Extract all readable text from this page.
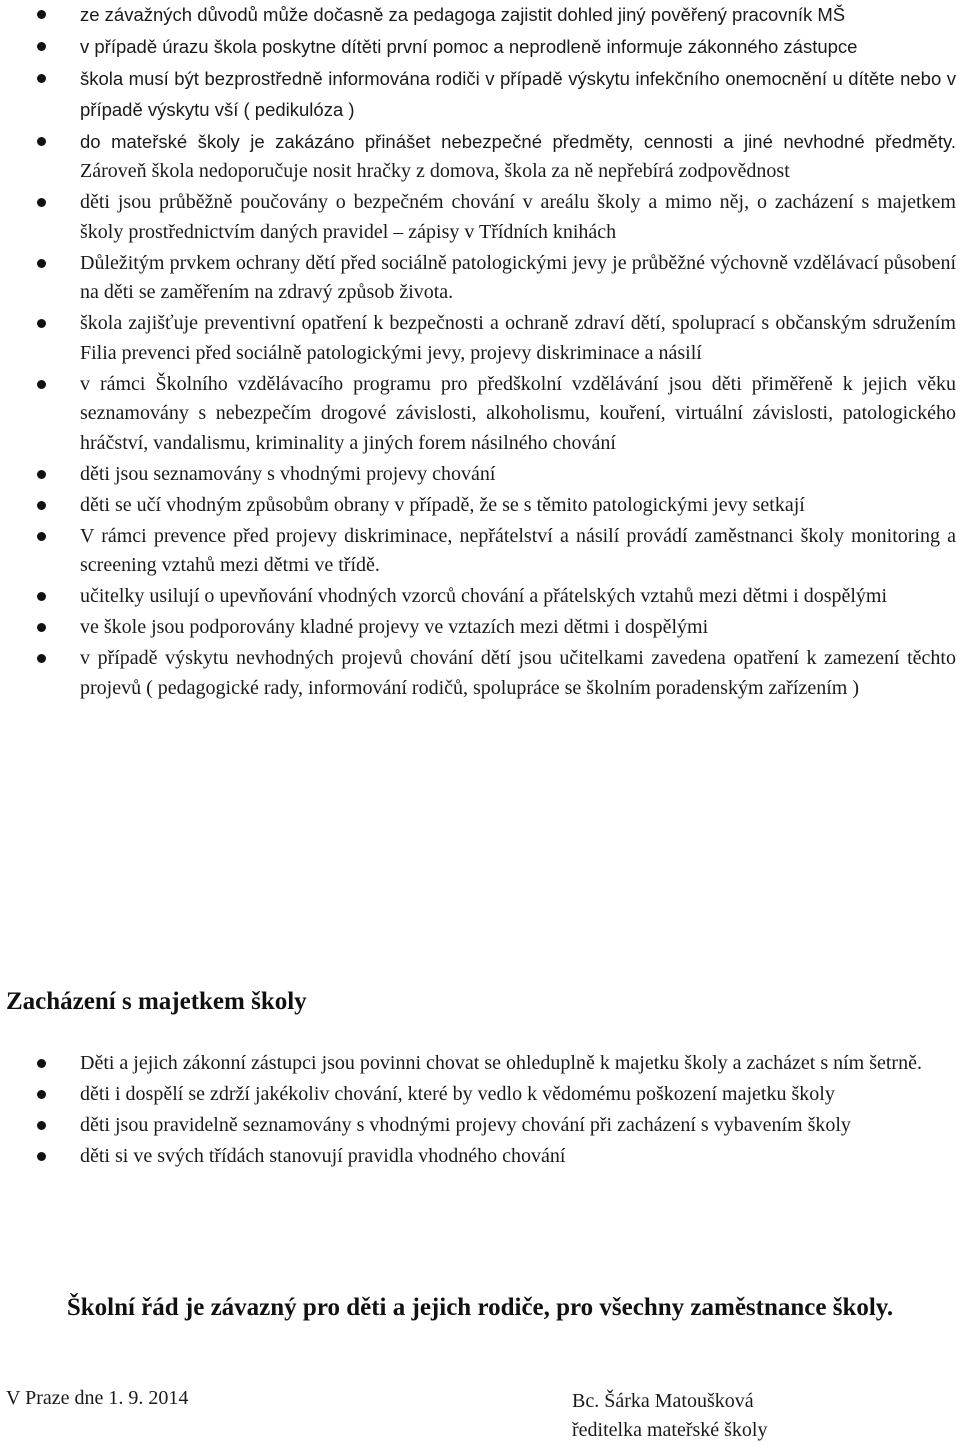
ze závažných důvodů může dočasně za pedagoga zajistit dohled jiný pověřený pracovník MŠ
v případě úrazu škola poskytne dítěti první pomoc a neprodleně informuje zákonného zástupce
škola musí být bezprostředně informována rodiči v případě výskytu infekčního onemocnění u dítěte nebo v případě výskytu vší ( pedikulóza )
do mateřské školy je zakázáno přinášet nebezpečné předměty, cennosti a jiné nevhodné předměty. Zároveň škola nedoporučuje nosit hračky z domova, škola za ně nepřebírá zodpovědnost
děti jsou průběžně poučovány o bezpečném chování v areálu školy a mimo něj, o zacházení s majetkem školy prostřednictvím daných pravidel – zápisy v Třídních knihách
Důležitým prvkem ochrany dětí před sociálně patologickými jevy je průběžné výchovně vzdělávací působení na děti se zaměřením na zdravý způsob života.
škola zajišťuje preventivní opatření k bezpečnosti a ochraně zdraví dětí, spoluprací s občanským sdružením Filia prevenci před sociálně patologickými jevy, projevy diskriminace a násilí
v rámci Školního vzdělávacího programu pro předškolní vzdělávání jsou děti přiměřeně k jejich věku seznamovány s nebezpečím drogové závislosti, alkoholismu, kouření, virtuální závislosti, patologického hráčství, vandalismu, kriminality a jiných forem násilného chování
děti jsou seznamovány s vhodnými projevy chování
děti se učí vhodným způsobům obrany v případě, že se s těmito patologickými jevy setkají
V rámci prevence před projevy diskriminace, nepřátelství a násilí provádí zaměstnanci školy monitoring a screening vztahů mezi dětmi ve třídě.
učitelky usilují o upevňování vhodných vzorců chování a přátelských vztahů mezi dětmi i dospělými
ve škole jsou podporovány kladné projevy ve vztazích mezi dětmi i dospělými
v případě výskytu nevhodných projevů chování dětí jsou učitelkami zavedena opatření k zamezení těchto projevů ( pedagogické rady, informování rodičů, spolupráce se školním poradenským zařízením )
Zacházení s majetkem školy
Děti a jejich zákonní zástupci jsou povinni chovat se ohleduplně k majetku školy a zacházet s ním šetrně.
děti i dospělí se zdrží jakékoliv chování, které by vedlo k vědomému poškození majetku školy
děti jsou pravidelně seznamovány s vhodnými projevy chování při zacházení s vybavením školy
děti si ve svých třídách stanovují pravidla vhodného chování

Školní řád je závazný pro děti a jejich rodiče, pro všechny zaměstnance školy.

V Praze dne 1. 9. 2014	Bc. Šárka Matoušková
ředitelka mateřské školy
